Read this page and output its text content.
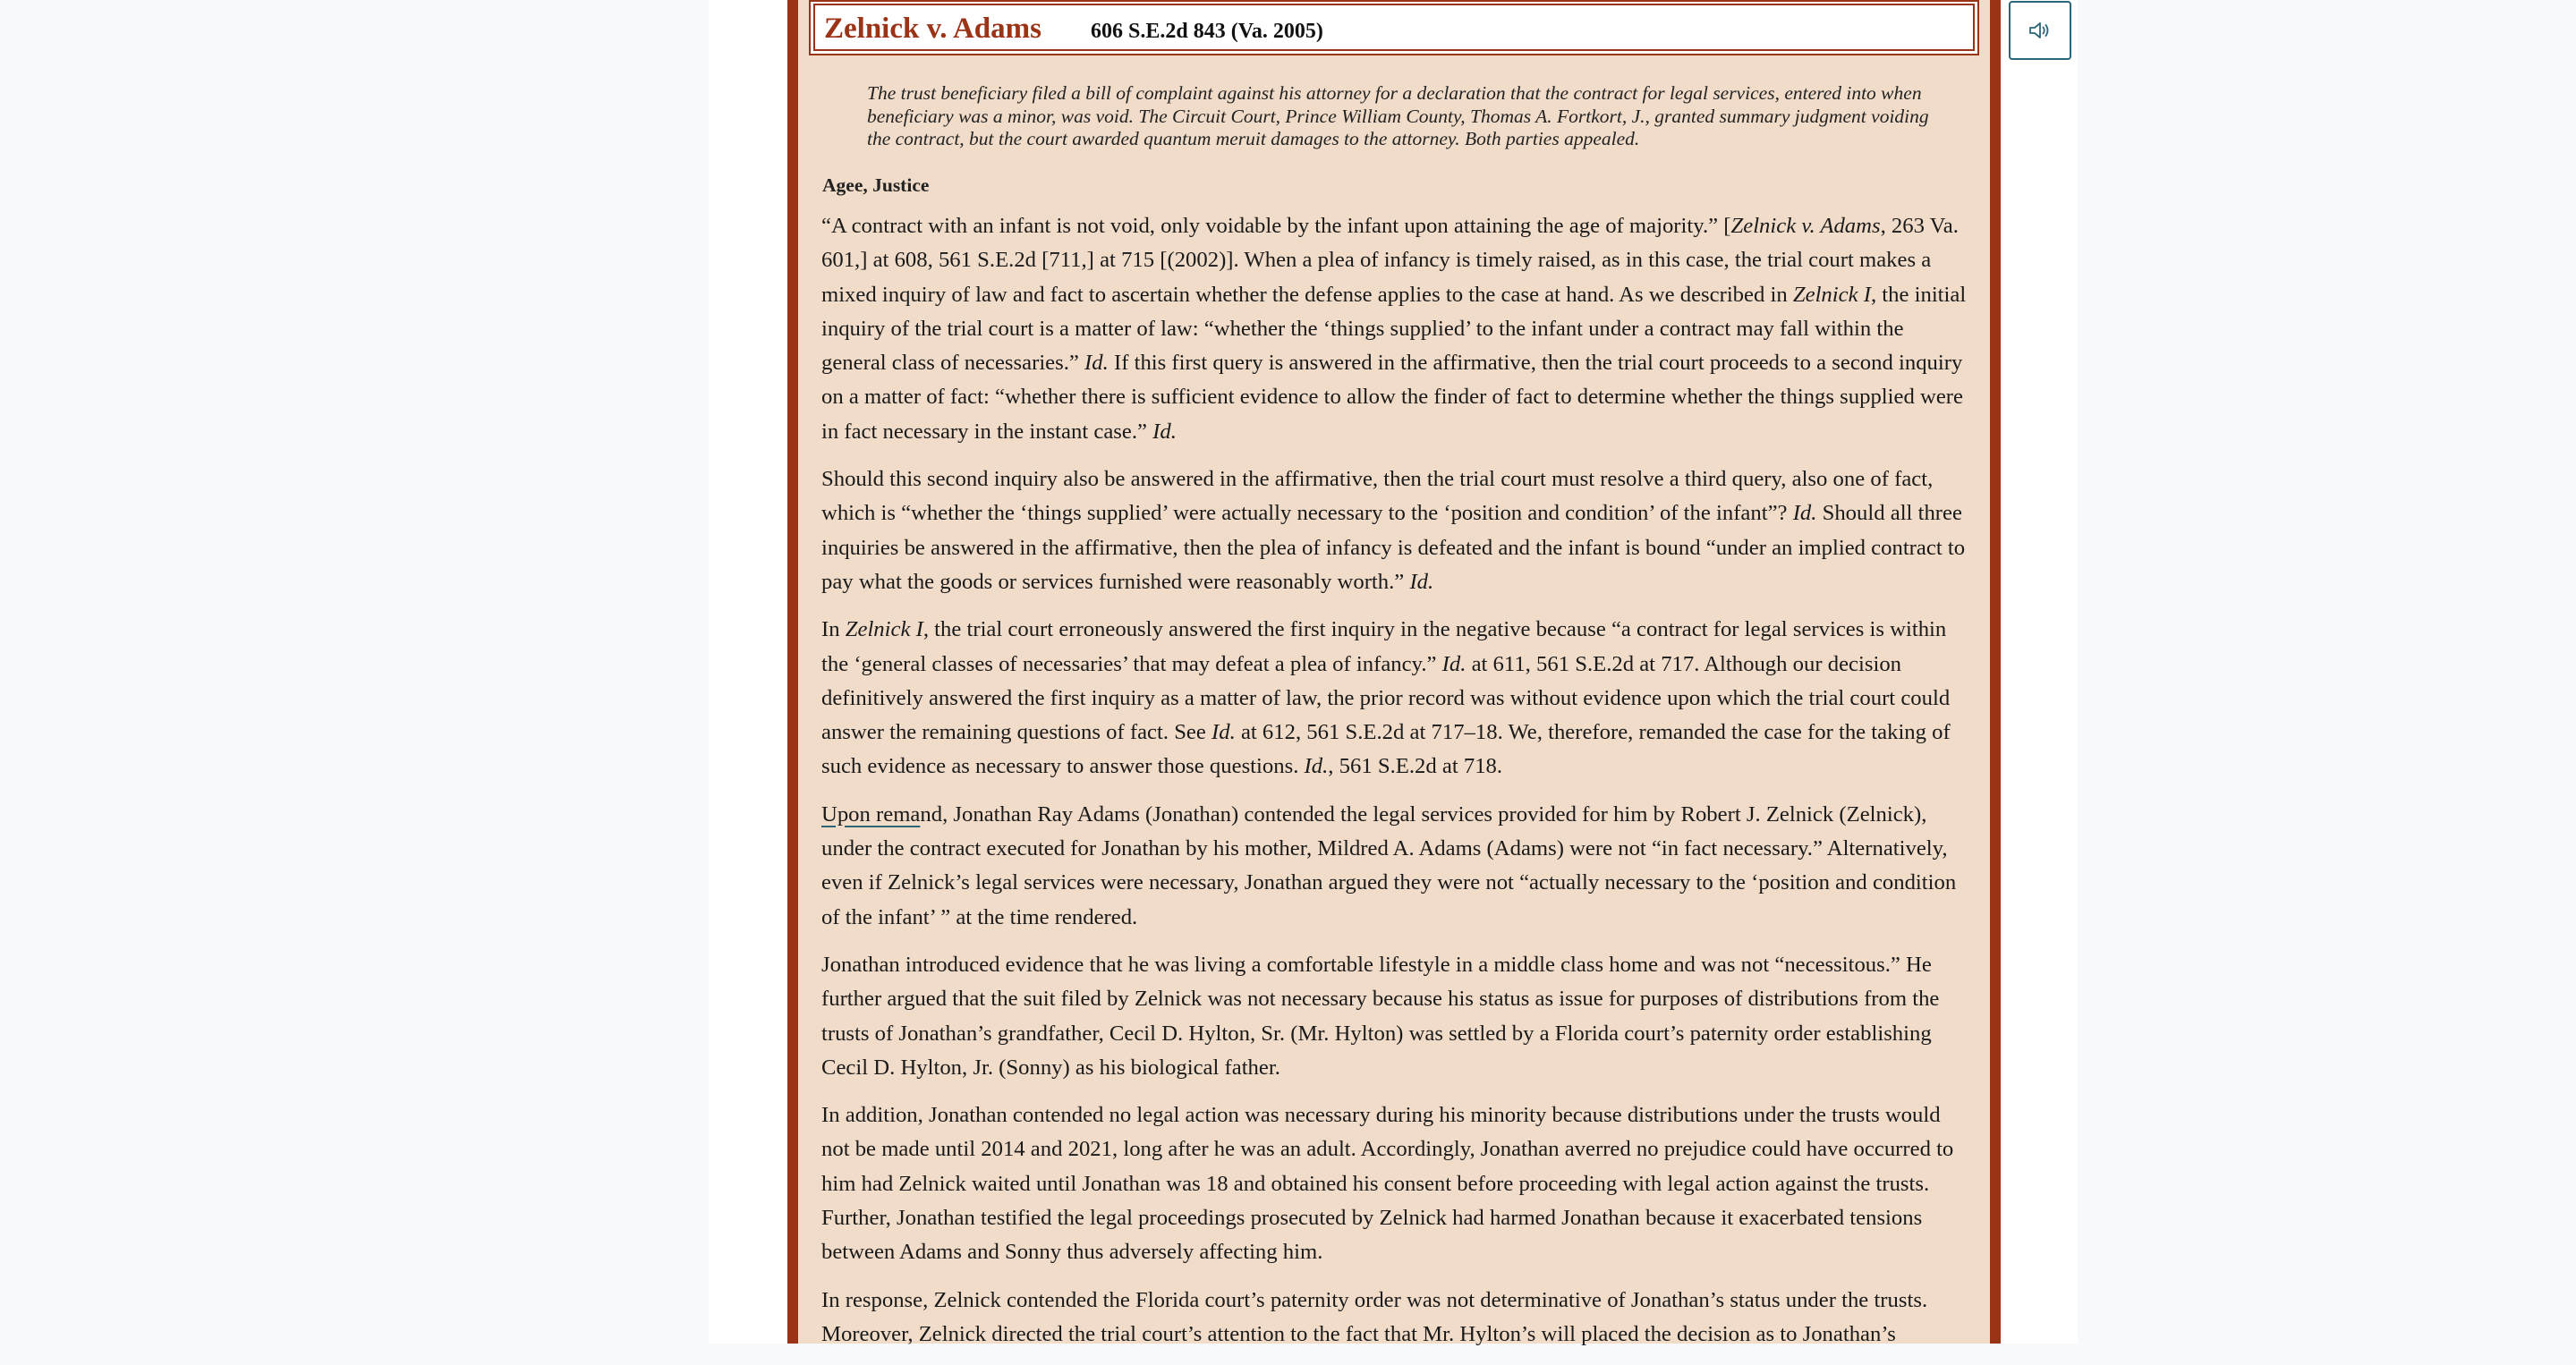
Zelnick v. Adams 606 S.E.2d 843 (Va. 2005)
The trust beneficiary filed a bill of complaint against his attorney for a declaration that the contract for legal services, entered into when beneficiary was a minor, was void. The Circuit Court, Prince William County, Thomas A. Fortkort, J., granted summary judgment voiding the contract, but the court awarded quantum meruit damages to the attorney. Both parties appealed.
Agee, Justice

“A contract with an infant is not void, only voidable by the infant upon attaining the age of majority.” [Zelnick v. Adams, 263 Va. 601,] at 608, 561 S.E.2d [711,] at 715 [(2002)]. When a plea of infancy is timely raised, as in this case, the trial court makes a mixed inquiry of law and fact to ascertain whether the defense applies to the case at hand. As we described in Zelnick I, the initial inquiry of the trial court is a matter of law: “whether the ‘things supplied’ to the infant under a contract may fall within the general class of necessaries.” Id. If this first query is answered in the affirmative, then the trial court proceeds to a second inquiry on a matter of fact: “whether there is sufficient evidence to allow the finder of fact to determine whether the things supplied were in fact necessary in the instant case.” Id.

Should this second inquiry also be answered in the affirmative, then the trial court must resolve a third query, also one of fact, which is “whether the ‘things supplied’ were actually necessary to the ‘position and condition’ of the infant”? Id. Should all three inquiries be answered in the affirmative, then the plea of infancy is defeated and the infant is bound “under an implied contract to pay what the goods or services furnished were reasonably worth.” Id.

In Zelnick I, the trial court erroneously answered the first inquiry in the negative because “a contract for legal services is within the ‘general classes of necessaries’ that may defeat a plea of infancy.” Id. at 611, 561 S.E.2d at 717. Although our decision definitively answered the first inquiry as a matter of law, the prior record was without evidence upon which the trial court could answer the remaining questions of fact. See Id. at 612, 561 S.E.2d at 717–18. We, therefore, remanded the case for the taking of such evidence as necessary to answer those questions. Id., 561 S.E.2d at 718.

Upon remand, Jonathan Ray Adams (Jonathan) contended the legal services provided for him by Robert J. Zelnick (Zelnick), under the contract executed for Jonathan by his mother, Mildred A. Adams (Adams) were not “in fact necessary.” Alternatively, even if Zelnick’s legal services were necessary, Jonathan argued they were not “actually necessary to the ‘position and condition of the infant’ ” at the time rendered.

Jonathan introduced evidence that he was living a comfortable lifestyle in a middle class home and was not “necessitous.” He further argued that the suit filed by Zelnick was not necessary because his status as issue for purposes of distributions from the trusts of Jonathan’s grandfather, Cecil D. Hylton, Sr. (Mr. Hylton) was settled by a Florida court’s paternity order establishing Cecil D. Hylton, Jr. (Sonny) as his biological father.

In addition, Jonathan contended no legal action was necessary during his minority because distributions under the trusts would not be made until 2014 and 2021, long after he was an adult. Accordingly, Jonathan averred no prejudice could have occurred to him had Zelnick waited until Jonathan was 18 and obtained his consent before proceeding with legal action against the trusts. Further, Jonathan testified the legal proceedings prosecuted by Zelnick had harmed Jonathan because it exacerbated tensions between Adams and Sonny thus adversely affecting him.

In response, Zelnick contended the Florida court’s paternity order was not determinative of Jonathan’s status under the trusts. Moreover, Zelnick directed the trial court’s attention to the fact that Mr. Hylton’s will placed the decision as to Jonathan’s
